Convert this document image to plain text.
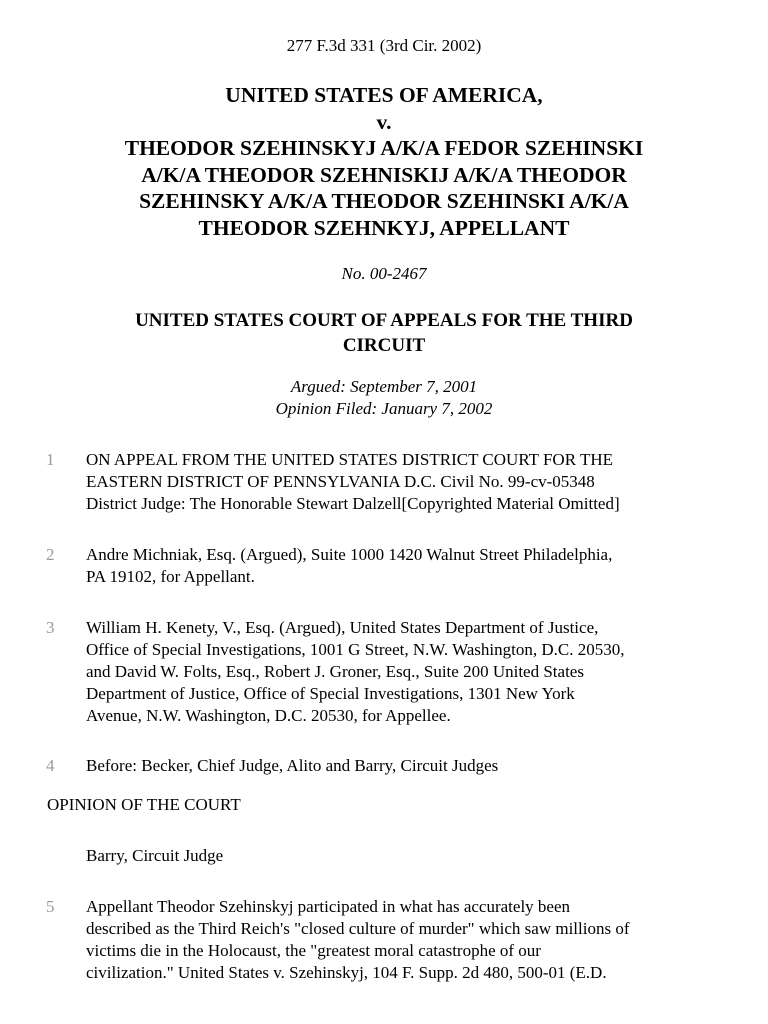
277 F.3d 331 (3rd Cir. 2002)
UNITED STATES OF AMERICA,
v.
THEODOR SZEHINSKYJ A/K/A FEDOR SZEHINSKI
A/K/A THEODOR SZEHNISKIJ A/K/A THEODOR
SZEHINSKY A/K/A THEODOR SZEHINSKI A/K/A
THEODOR SZEHNKYJ, APPELLANT
No. 00-2467
UNITED STATES COURT OF APPEALS FOR THE THIRD
CIRCUIT
Argued: September 7, 2001
Opinion Filed: January 7, 2002
1 ON APPEAL FROM THE UNITED STATES DISTRICT COURT FOR THE
EASTERN DISTRICT OF PENNSYLVANIA D.C. Civil No. 99-cv-05348
District Judge: The Honorable Stewart Dalzell[Copyrighted Material Omitted]
2 Andre Michniak, Esq. (Argued), Suite 1000 1420 Walnut Street Philadelphia,
PA 19102, for Appellant.
3 William H. Kenety, V., Esq. (Argued), United States Department of Justice,
Office of Special Investigations, 1001 G Street, N.W. Washington, D.C. 20530,
and David W. Folts, Esq., Robert J. Groner, Esq., Suite 200 United States
Department of Justice, Office of Special Investigations, 1301 New York
Avenue, N.W. Washington, D.C. 20530, for Appellee.
4 Before: Becker, Chief Judge, Alito and Barry, Circuit Judges
OPINION OF THE COURT
Barry, Circuit Judge
5 Appellant Theodor Szehinskyj participated in what has accurately been
described as the Third Reich's "closed culture of murder" which saw millions of
victims die in the Holocaust, the "greatest moral catastrophe of our
civilization." United States v. Szehinskyj, 104 F. Supp. 2d 480, 500-01 (E.D.
